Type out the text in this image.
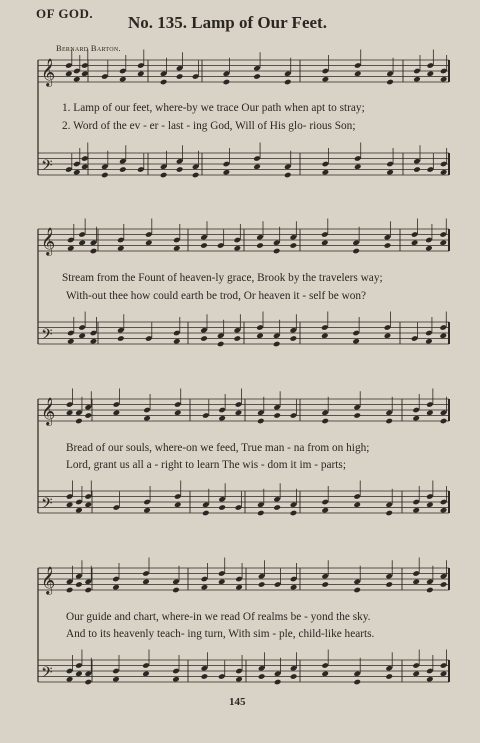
OF GOD. No. 135. Lamp of Our Feet.
Bernard Barton.
𝄞
𝄢
𝄞
𝄢
𝄞
𝄢
𝄞
𝄢
1. Lamp of our feet, where-by we trace Our path when apt to stray;
2. Word of the ev - er - last - ing God, Will of His glo- rious Son;
Stream from the Fount of heaven-ly grace, Brook by the travelers way;
With-out thee how could earth be trod, Or heaven it - self be won?
Bread of our souls, where-on we feed, True man - na from on high;
Lord, grant us all a - right to learn The wis - dom it im - parts;
Our guide and chart, where-in we read Of realms be - yond the sky.
And to its heavenly teach- ing turn, With sim - ple, child-like hearts.
145
